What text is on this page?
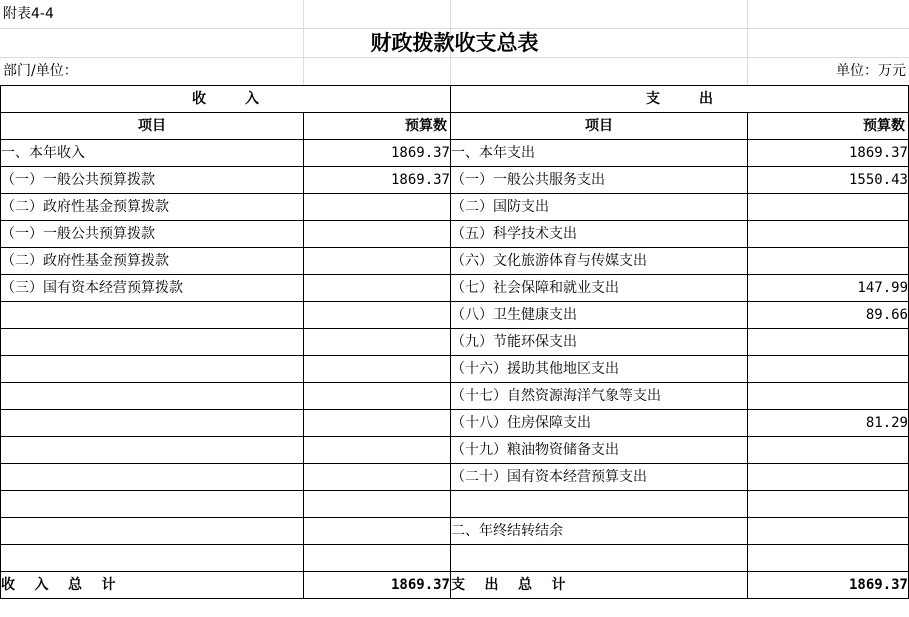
附表4-4
财政拨款收支总表
部门/单位：	单位：万元
收        入		支        出	
项目	预算数	项目	预算数
一、本年收入	1869.37	一、本年支出	1869.37
（一）一般公共预算拨款	1869.37	（一）一般公共服务支出	1550.43
（二）政府性基金预算拨款		（二）国防支出	
（一）一般公共预算拨款		（五）科学技术支出	
（二）政府性基金预算拨款		（六）文化旅游体育与传媒支出	
（三）国有资本经营预算拨款		（七）社会保障和就业支出	147.99
		（八）卫生健康支出	89.66
		（九）节能环保支出	
		（十六）援助其他地区支出	
		（十七）自然资源海洋气象等支出	
		（十八）住房保障支出	81.29
		（十九）粮油物资储备支出	
		（二十）国有资本经营预算支出	

		二、年终结转结余	

收    入    总    计	1869.37	支    出    总    计	1869.37
